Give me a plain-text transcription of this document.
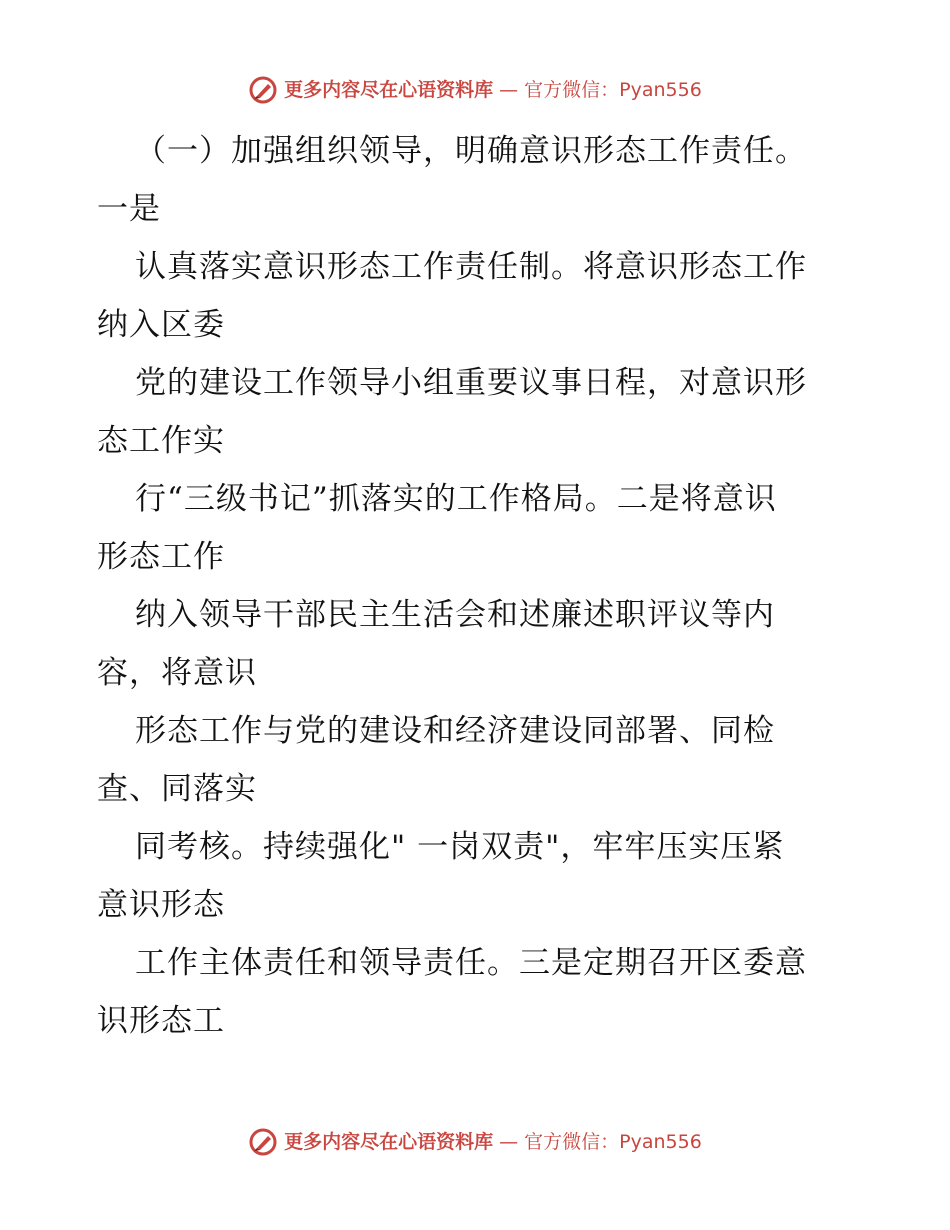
更多内容尽在心语资料库 — 官方微信：Pyan556
（一）加强组织领导，明确意识形态工作责任。
一是
认真落实意识形态工作责任制。将意识形态工作
纳入区委
党的建设工作领导小组重要议事日程，对意识形
态工作实
行“三级书记”抓落实的工作格局。二是将意识
形态工作
纳入领导干部民主生活会和述廉述职评议等内
容，将意识
形态工作与党的建设和经济建设同部署、同检
查、同落实
同考核。持续强化" 一岗双责"，牢牢压实压紧
意识形态
工作主体责任和领导责任。三是定期召开区委意
识形态工
更多内容尽在心语资料库 — 官方微信：Pyan556
